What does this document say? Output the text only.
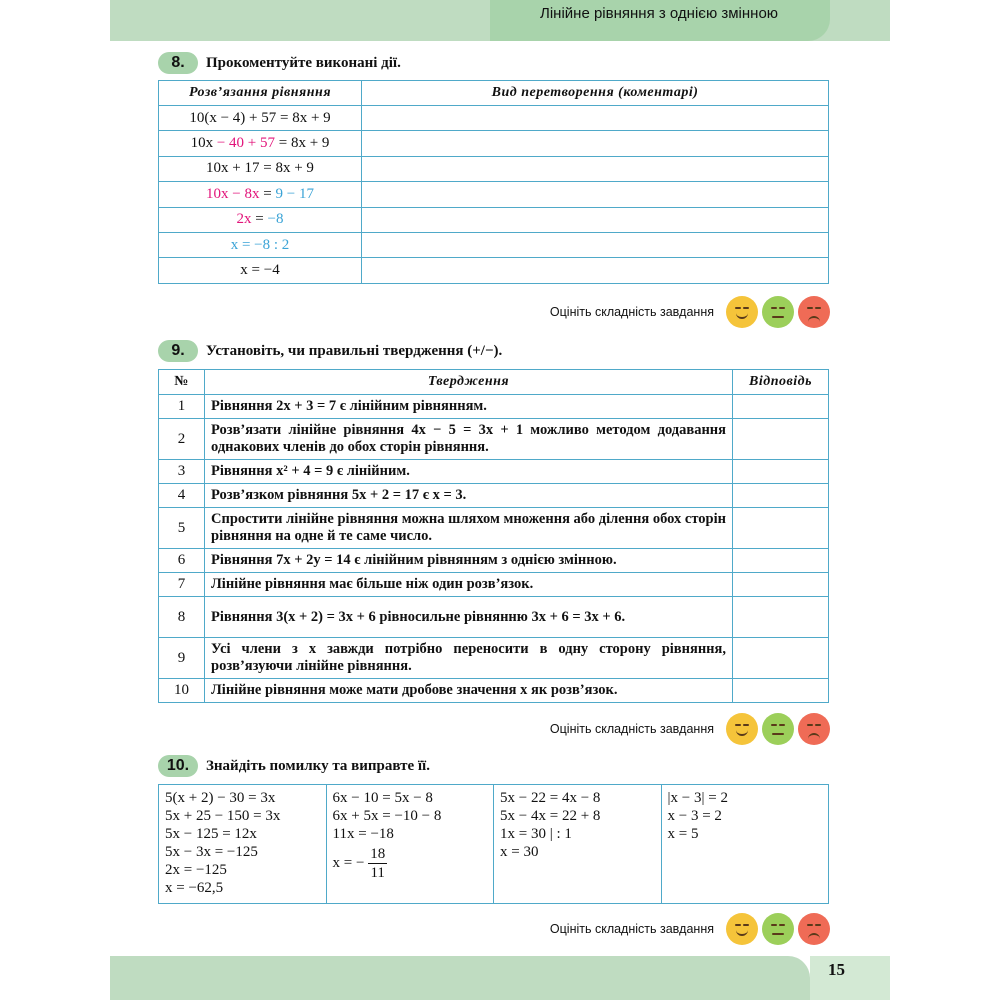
Лінійне рівняння з однією змінною
8.	Прокоментуйте виконані дії.
Розв’язання рівняння	Вид перетворення (коментарі)
10(x − 4) + 57 = 8x + 9	
10x − 40 + 57 = 8x + 9	
10x + 17 = 8x + 9	
10x − 8x = 9 − 17	
2x = −8	
x = −8 : 2	
x = −4	
Оцініть складність завдання
9.	Установіть, чи правильні твердження (+/−).
№	Твердження	Відповідь
1	Рівняння 2x + 3 = 7 є лінійним рівнянням.	
2	Розв’язати лінійне рівняння 4x − 5 = 3x + 1 можливо методом додавання однакових членів до обох сторін рівняння.	
3	Рівняння x² + 4 = 9 є лінійним.	
4	Розв’язком рівняння 5x + 2 = 17 є x = 3.	
5	Спростити лінійне рівняння можна шляхом множення або ділення обох сторін рівняння на одне й те саме число.	
6	Рівняння 7x + 2y = 14 є лінійним рівнянням з однією змінною.	
7	Лінійне рівняння має більше ніж один розв’язок.	
8	Рівняння 3(x + 2) = 3x + 6 рівносильне рівнянню 3x + 6 = 3x + 6.	
9	Усі члени з x завжди потрібно переносити в одну сторону рівняння, розв’язуючи лінійне рівняння.	
10	Лінійне рівняння може мати дробове значення x як розв’язок.	
Оцініть складність завдання
10.	Знайдіть помилку та виправте її.
5(x + 2) − 30 = 3x
5x + 25 − 150 = 3x
5x − 125 = 12x
5x − 3x = −125
2x = −125
x = −62,5

6x − 10 = 5x − 8
6x + 5x = −10 − 8
11x = −18
x = − $\frac{18}{11}$

5x − 22 = 4x − 8
5x − 4x = 22 + 8
1x = 30 | : 1
x = 30

|x − 3| = 2
x − 3 = 2
x = 5
Оцініть складність завдання
15
